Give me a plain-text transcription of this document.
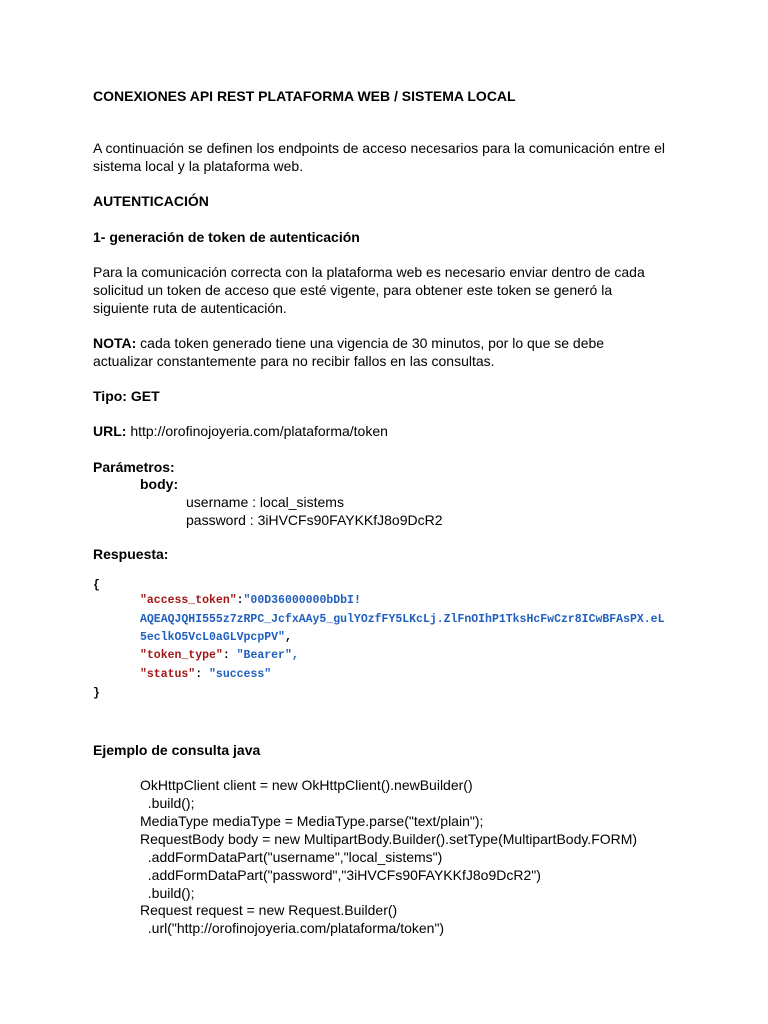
CONEXIONES API REST PLATAFORMA WEB / SISTEMA LOCAL
A continuación se definen los endpoints de acceso necesarios para la comunicación entre el
sistema local y la plataforma web.
AUTENTICACIÓN
1- generación de token de autenticación
Para la comunicación correcta con la plataforma web es necesario enviar dentro de cada
solicitud un token de acceso que esté vigente, para obtener este token se generó la
siguiente ruta de autenticación.
NOTA: cada token generado tiene una vigencia de 30 minutos, por lo que se debe
actualizar constantemente para no recibir fallos en las consultas.
Tipo: GET
URL: http://orofinojoyeria.com/plataforma/token
Parámetros:
body:
username : local_sistems
password : 3iHVCFs90FAYKKfJ8o9DcR2
Respuesta:
{
"access_token":"00D36000000bDbI!
AQEAQJQHI555z7zRPC_JcfxAAy5_gulYOzfFY5LKcLj.ZlFnOIhP1TksHcFwCzr8ICwBFAsPX.eL
5eclkO5VcL0aGLVpcpPV",
"token_type": "Bearer",
"status": "success"
}
Ejemplo de consulta java
OkHttpClient client = new OkHttpClient().newBuilder()
.build();
MediaType mediaType = MediaType.parse("text/plain");
RequestBody body = new MultipartBody.Builder().setType(MultipartBody.FORM)
.addFormDataPart("username","local_sistems")
.addFormDataPart("password","3iHVCFs90FAYKKfJ8o9DcR2")
.build();
Request request = new Request.Builder()
.url("http://orofinojoyeria.com/plataforma/token")
